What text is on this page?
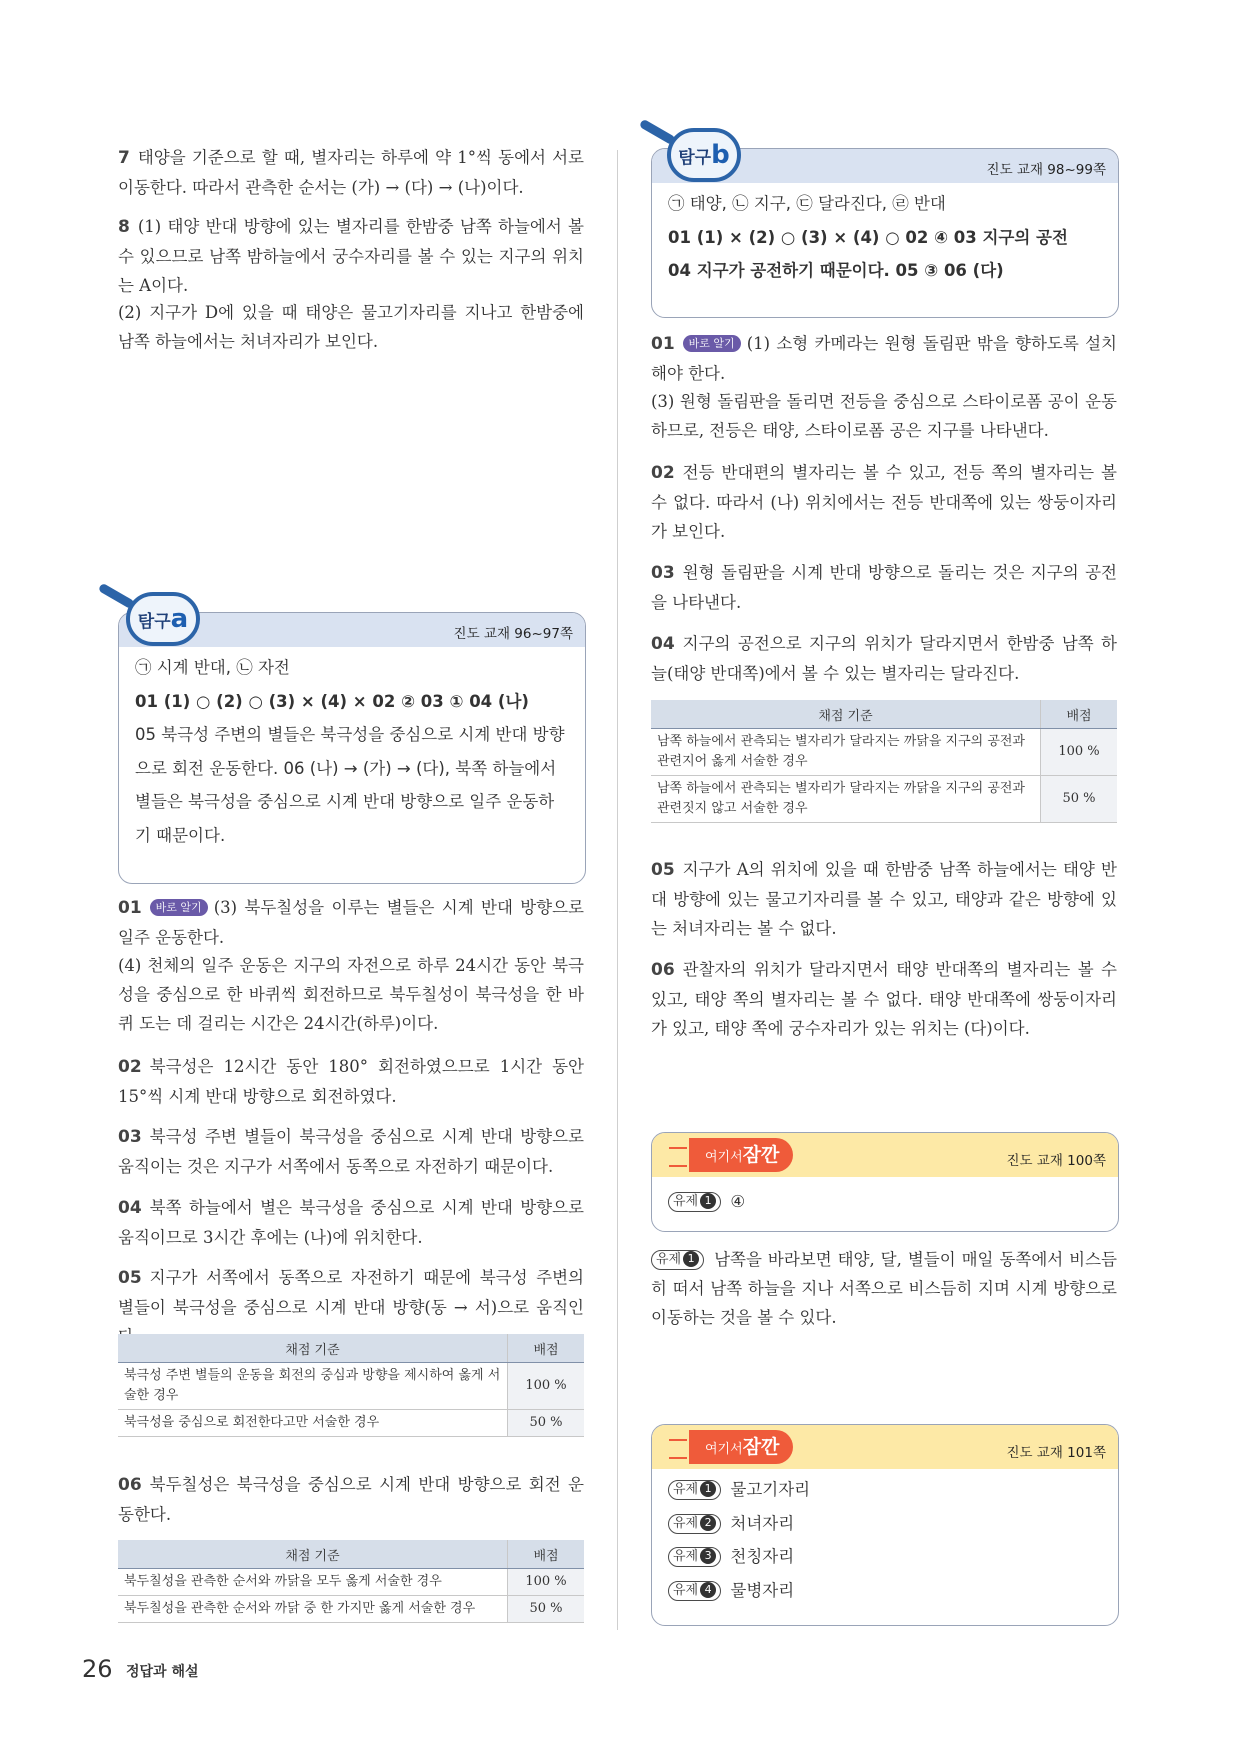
7 태양을 기준으로 할 때, 별자리는 하루에 약 1°씩 동에서 서로 이동한다. 따라서 관측한 순서는 (가) → (다) → (나)이다.

8 (1) 태양 반대 방향에 있는 별자리를 한밤중 남쪽 하늘에서 볼 수 있으므로 남쪽 밤하늘에서 궁수자리를 볼 수 있는 지구의 위치는 A이다.

(2) 지구가 D에 있을 때 태양은 물고기자리를 지나고 한밤중에 남쪽 하늘에서는 처녀자리가 보인다.

진도 교재 96~97쪽
㉠ 시계 반대, ㉡ 자전
01 (1) ○ (2) ○ (3) × (4) × 02 ② 03 ① 04 (나)
05 북극성 주변의 별들은 북극성을 중심으로 시계 반대 방향으로 회전 운동한다. 06 (나) → (가) → (다), 북쪽 하늘에서 별들은 북극성을 중심으로 시계 반대 방향으로 일주 운동하기 때문이다.
탐구a

01 바로 알기 (3) 북두칠성을 이루는 별들은 시계 반대 방향으로 일주 운동한다.

(4) 천체의 일주 운동은 지구의 자전으로 하루 24시간 동안 북극성을 중심으로 한 바퀴씩 회전하므로 북두칠성이 북극성을 한 바퀴 도는 데 걸리는 시간은 24시간(하루)이다.

02 북극성은 12시간 동안 180° 회전하였으므로 1시간 동안 15°씩 시계 반대 방향으로 회전하였다.

03 북극성 주변 별들이 북극성을 중심으로 시계 반대 방향으로 움직이는 것은 지구가 서쪽에서 동쪽으로 자전하기 때문이다.

04 북쪽 하늘에서 별은 북극성을 중심으로 시계 반대 방향으로 움직이므로 3시간 후에는 (나)에 위치한다.

05 지구가 서쪽에서 동쪽으로 자전하기 때문에 북극성 주변의 별들이 북극성을 중심으로 시계 반대 방향(동 → 서)으로 움직인

채점 기준	배점
북극성 주변 별들의 운동을 회전의 중심과 방향을 제시하여 옳게 서술한 경우	100 %
북극성을 중심으로 회전한다고만 서술한 경우	50 %

06 북두칠성은 북극성을 중심으로 시계 반대 방향으로 회전 운동한다.

채점 기준	배점
북두칠성을 관측한 순서와 까닭을 모두 옳게 서술한 경우	100 %
북두칠성을 관측한 순서와 까닭 중 한 가지만 옳게 서술한 경우	50 %
진도 교재 98~99쪽
㉠ 태양, ㉡ 지구, ㉢ 달라진다, ㉣ 반대
01 (1) × (2) ○ (3) × (4) ○ 02 ④ 03 지구의 공전
04 지구가 공전하기 때문이다. 05 ③ 06 (다)
탐구b

01 바로 알기 (1) 소형 카메라는 원형 돌림판 밖을 향하도록 설치해야 한다.

(3) 원형 돌림판을 돌리면 전등을 중심으로 스타이로폼 공이 운동하므로, 전등은 태양, 스타이로폼 공은 지구를 나타낸다.

02 전등 반대편의 별자리는 볼 수 있고, 전등 쪽의 별자리는 볼 수 없다. 따라서 (나) 위치에서는 전등 반대쪽에 있는 쌍둥이자리가 보인다.

03 원형 돌림판을 시계 반대 방향으로 돌리는 것은 지구의 공전을 나타낸다.

04 지구의 공전으로 지구의 위치가 달라지면서 한밤중 남쪽 하늘(태양 반대쪽)에서 볼 수 있는 별자리는 달라진다.

채점 기준	배점
남쪽 하늘에서 관측되는 별자리가 달라지는 까닭을 지구의 공전과 관련지어 옳게 서술한 경우	100 %
남쪽 하늘에서 관측되는 별자리가 달라지는 까닭을 지구의 공전과 관련짓지 않고 서술한 경우	50 %

05 지구가 A의 위치에 있을 때 한밤중 남쪽 하늘에서는 태양 반대 방향에 있는 물고기자리를 볼 수 있고, 태양과 같은 방향에 있는 처녀자리는 볼 수 없다.

06 관찰자의 위치가 달라지면서 태양 반대쪽의 별자리는 볼 수 있고, 태양 쪽의 별자리는 볼 수 없다. 태양 반대쪽에 쌍둥이자리가 있고, 태양 쪽에 궁수자리가 있는 위치는 (다)이다.

진도 교재 100쪽
유제 1 ④
여기서잠깐

유제 1 남쪽을 바라보면 태양, 달, 별들이 매일 동쪽에서 비스듬히 떠서 남쪽 하늘을 지나 서쪽으로 비스듬히 지며 시계 방향으로 이동하는 것을 볼 수 있다.

진도 교재 101쪽
유제 1 물고기자리
유제 2 처녀자리
유제 3 천칭자리
유제 4 물병자리
여기서잠깐
26 정답과 해설
